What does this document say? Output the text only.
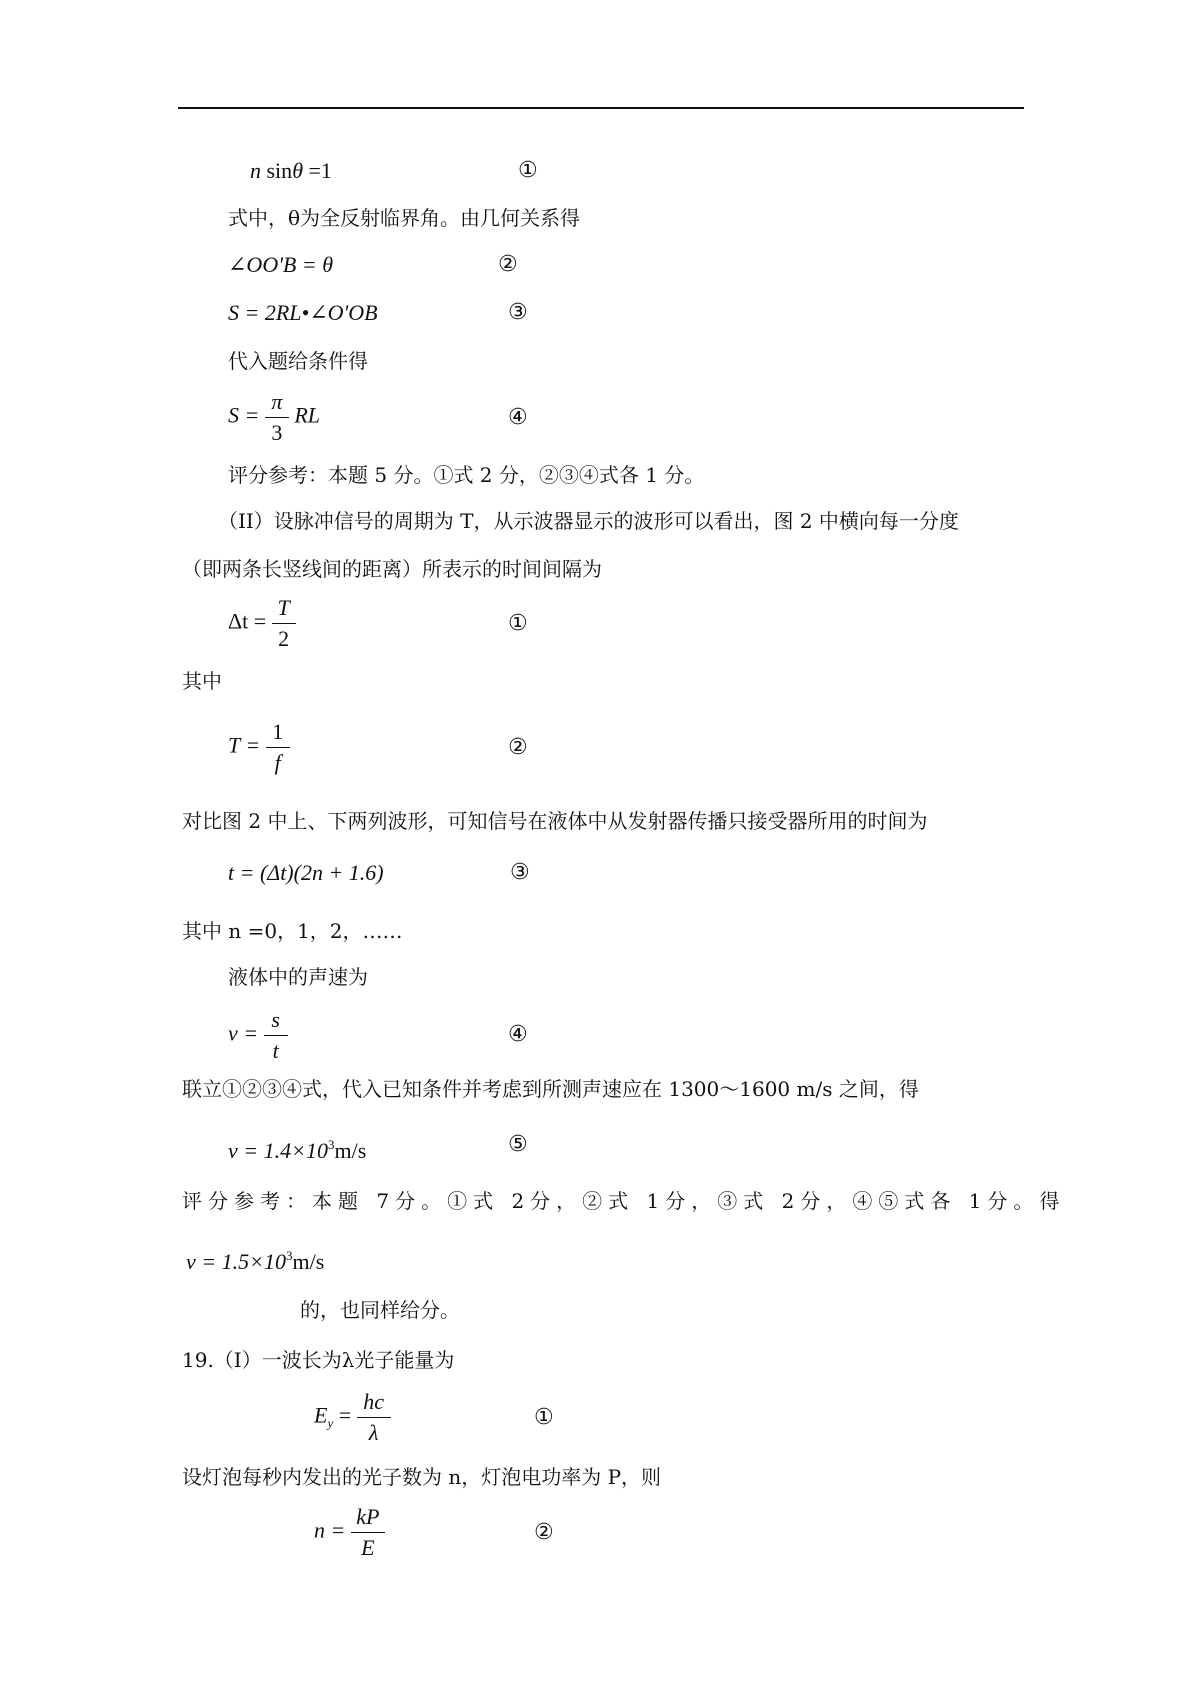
n sinθ =1	①
式中，θ为全反射临界角。由几何关系得
∠OO'B = θ	②
S = 2RL•∠O'OB	③
代入题给条件得
$S = \frac{\pi}{3}$ RL	④
评分参考：本题 5 分。①式 2 分，②③④式各 1 分。
（II）设脉冲信号的周期为 T，从示波器显示的波形可以看出，图 2 中横向每一分度
（即两条长竖线间的距离）所表示的时间间隔为
$\Delta t = \frac{T}{2}$	①
其中
$T = \frac{1}{f}$	②
对比图 2 中上、下两列波形，可知信号在液体中从发射器传播只接受器所用的时间为
t = (Δt)(2n + 1.6)	③
其中 n =0，1，2，……
液体中的声速为
$v = \frac{s}{t}$	④
联立①②③④式，代入已知条件并考虑到所测声速应在 1300～1600 m/s 之间，得
$v = 1.4\times 10^3m/s$	⑤
评分参考：本题 7分。①式 2分，②式 1分，③式 2分，④⑤式各 1分。得
$v = 1.5\times 10^3m/s$
的，也同样给分。
19.（Ⅰ）一波长为λ光子能量为
$E_y = \frac{hc}{\lambda}$	①
设灯泡每秒内发出的光子数为 n，灯泡电功率为 P，则
$n = \frac{kP}{E}$	②
